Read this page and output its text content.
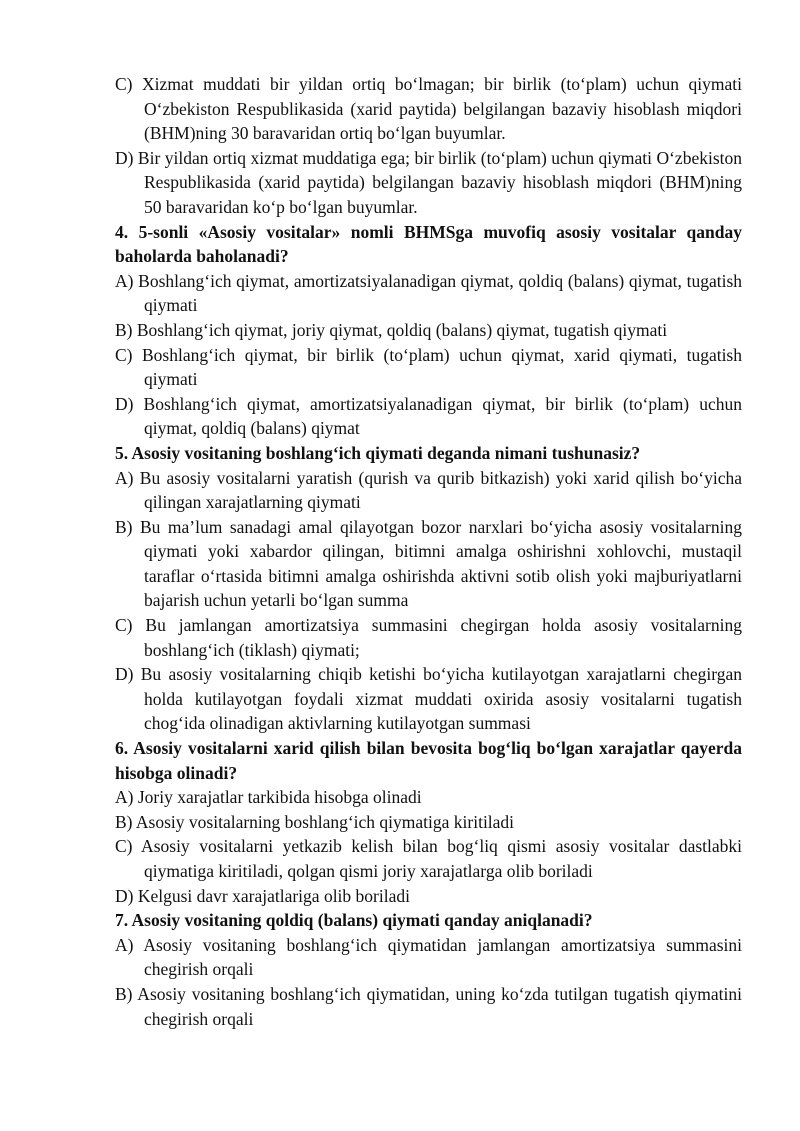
C) Xizmat muddati bir yildan ortiq bo‘lmagan; bir birlik (to‘plam) uchun qiymati O‘zbekiston Respublikasida (xarid paytida) belgilangan bazaviy hisoblash miqdori (BHM)ning 30 baravaridan ortiq bo‘lgan buyumlar.

D) Bir yildan ortiq xizmat muddatiga ega; bir birlik (to‘plam) uchun qiymati O‘zbekiston Respublikasida (xarid paytida) belgilangan bazaviy hisoblash miqdori (BHM)ning 50 baravaridan ko‘p bo‘lgan buyumlar.

4. 5-sonli «Asosiy vositalar» nomli BHMSga muvofiq asosiy vositalar qanday baholarda baholanadi?

A) Boshlang‘ich qiymat, amortizatsiyalanadigan qiymat, qoldiq (balans) qiymat, tugatish qiymati

B) Boshlang‘ich qiymat, joriy qiymat, qoldiq (balans) qiymat, tugatish qiymati

C) Boshlang‘ich qiymat, bir birlik (to‘plam) uchun qiymat, xarid qiymati, tugatish qiymati

D) Boshlang‘ich qiymat, amortizatsiyalanadigan qiymat, bir birlik (to‘plam) uchun qiymat, qoldiq (balans) qiymat

5. Asosiy vositaning boshlang‘ich qiymati deganda nimani tushunasiz?

A) Bu asosiy vositalarni yaratish (qurish va qurib bitkazish) yoki xarid qilish bo‘yicha qilingan xarajatlarning qiymati

B) Bu ma’lum sanadagi amal qilayotgan bozor narxlari bo‘yicha asosiy vositalarning qiymati yoki xabardor qilingan, bitimni amalga oshirishni xohlovchi, mustaqil taraflar o‘rtasida bitimni amalga oshirishda aktivni sotib olish yoki majburiyatlarni bajarish uchun yetarli bo‘lgan summa

C) Bu jamlangan amortizatsiya summasini chegirgan holda asosiy vositalarning boshlang‘ich (tiklash) qiymati;

D) Bu asosiy vositalarning chiqib ketishi bo‘yicha kutilayotgan xarajatlarni chegirgan holda kutilayotgan foydali xizmat muddati oxirida asosiy vositalarni tugatish chog‘ida olinadigan aktivlarning kutilayotgan summasi

6. Asosiy vositalarni xarid qilish bilan bevosita bog‘liq bo‘lgan xarajatlar qayerda hisobga olinadi?

A) Joriy xarajatlar tarkibida hisobga olinadi

B) Asosiy vositalarning boshlang‘ich qiymatiga kiritiladi

C) Asosiy vositalarni yetkazib kelish bilan bog‘liq qismi asosiy vositalar dastlabki qiymatiga kiritiladi, qolgan qismi joriy xarajatlarga olib boriladi

D) Kelgusi davr xarajatlariga olib boriladi

7. Asosiy vositaning qoldiq (balans) qiymati qanday aniqlanadi?

A) Asosiy vositaning boshlang‘ich qiymatidan jamlangan amortizatsiya summasini chegirish orqali

B) Asosiy vositaning boshlang‘ich qiymatidan, uning ko‘zda tutilgan tugatish qiymatini chegirish orqali
